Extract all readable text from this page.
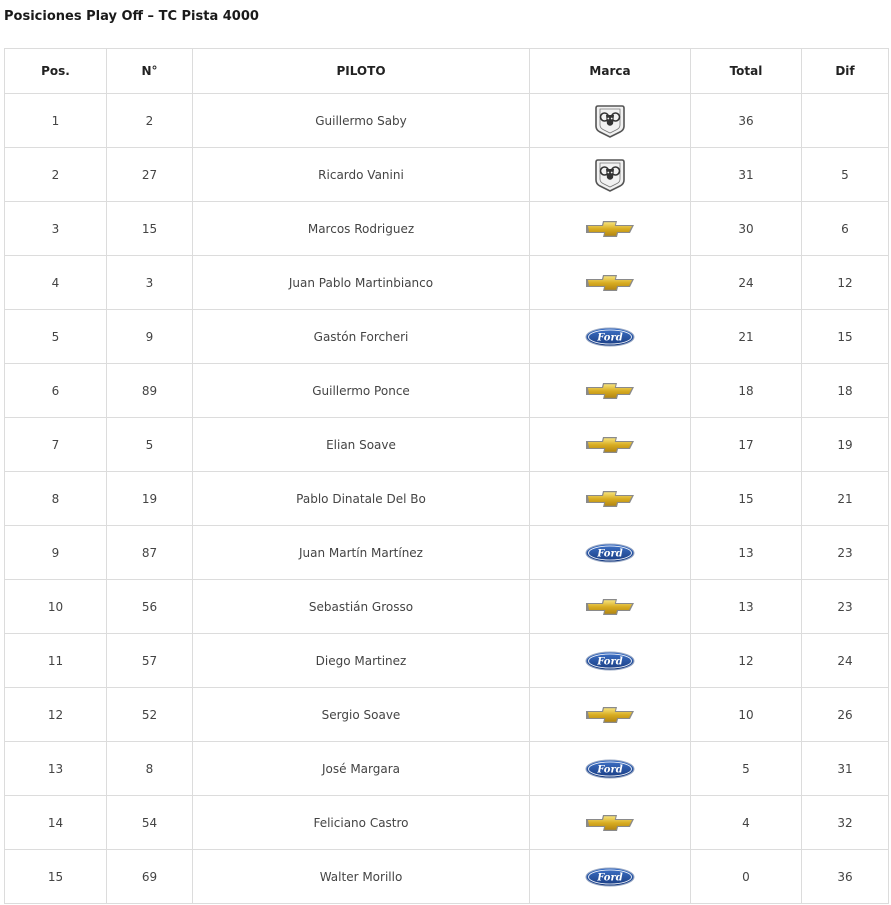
Posiciones Play Off – TC Pista 4000
Pos.	N°	PILOTO	Marca	Total	Dif
1	2	Guillermo Saby		36	
2	27	Ricardo Vanini		31	5
3	15	Marcos Rodriguez		30	6
4	3	Juan Pablo Martinbianco		24	12
5	9	Gastón Forcheri	Ford	21	15
6	89	Guillermo Ponce		18	18
7	5	Elian Soave		17	19
8	19	Pablo Dinatale Del Bo		15	21
9	87	Juan Martín Martínez	Ford	13	23
10	56	Sebastián Grosso		13	23
11	57	Diego Martinez	Ford	12	24
12	52	Sergio Soave		10	26
13	8	José Margara	Ford	5	31
14	54	Feliciano Castro		4	32
15	69	Walter Morillo	Ford	0	36
